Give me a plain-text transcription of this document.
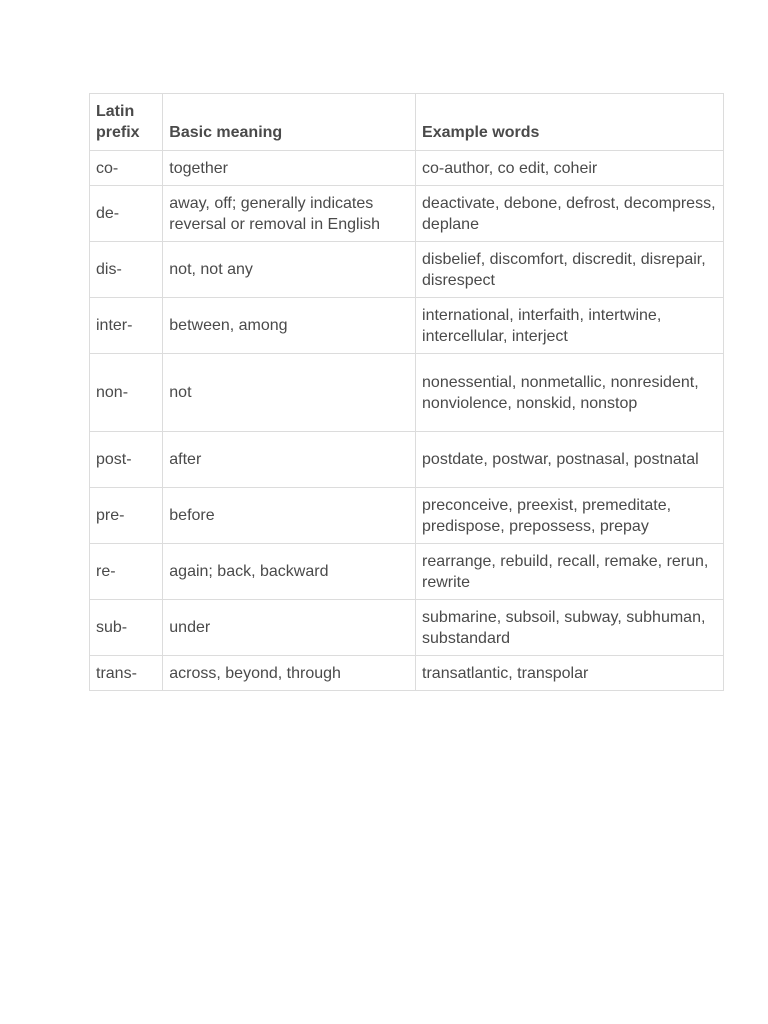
Latin prefix	Basic meaning	Example words

co-	together	co-author, co edit, coheir
de-	away, off; generally indicates reversal or removal in English	deactivate, debone, defrost, decompress, deplane
dis-	not, not any	disbelief, discomfort, discredit, disrepair, disrespect
inter-	between, among	international, interfaith, intertwine, intercellular, interject
non-	not	nonessential, nonmetallic, nonresident, nonviolence, nonskid, nonstop
post-	after	postdate, postwar, postnasal, postnatal
pre-	before	preconceive, preexist, premeditate, predispose, prepossess, prepay
re-	again; back, backward	rearrange, rebuild, recall, remake, rerun, rewrite
sub-	under	submarine, subsoil, subway, subhuman, substandard
trans-	across, beyond, through	transatlantic, transpolar
